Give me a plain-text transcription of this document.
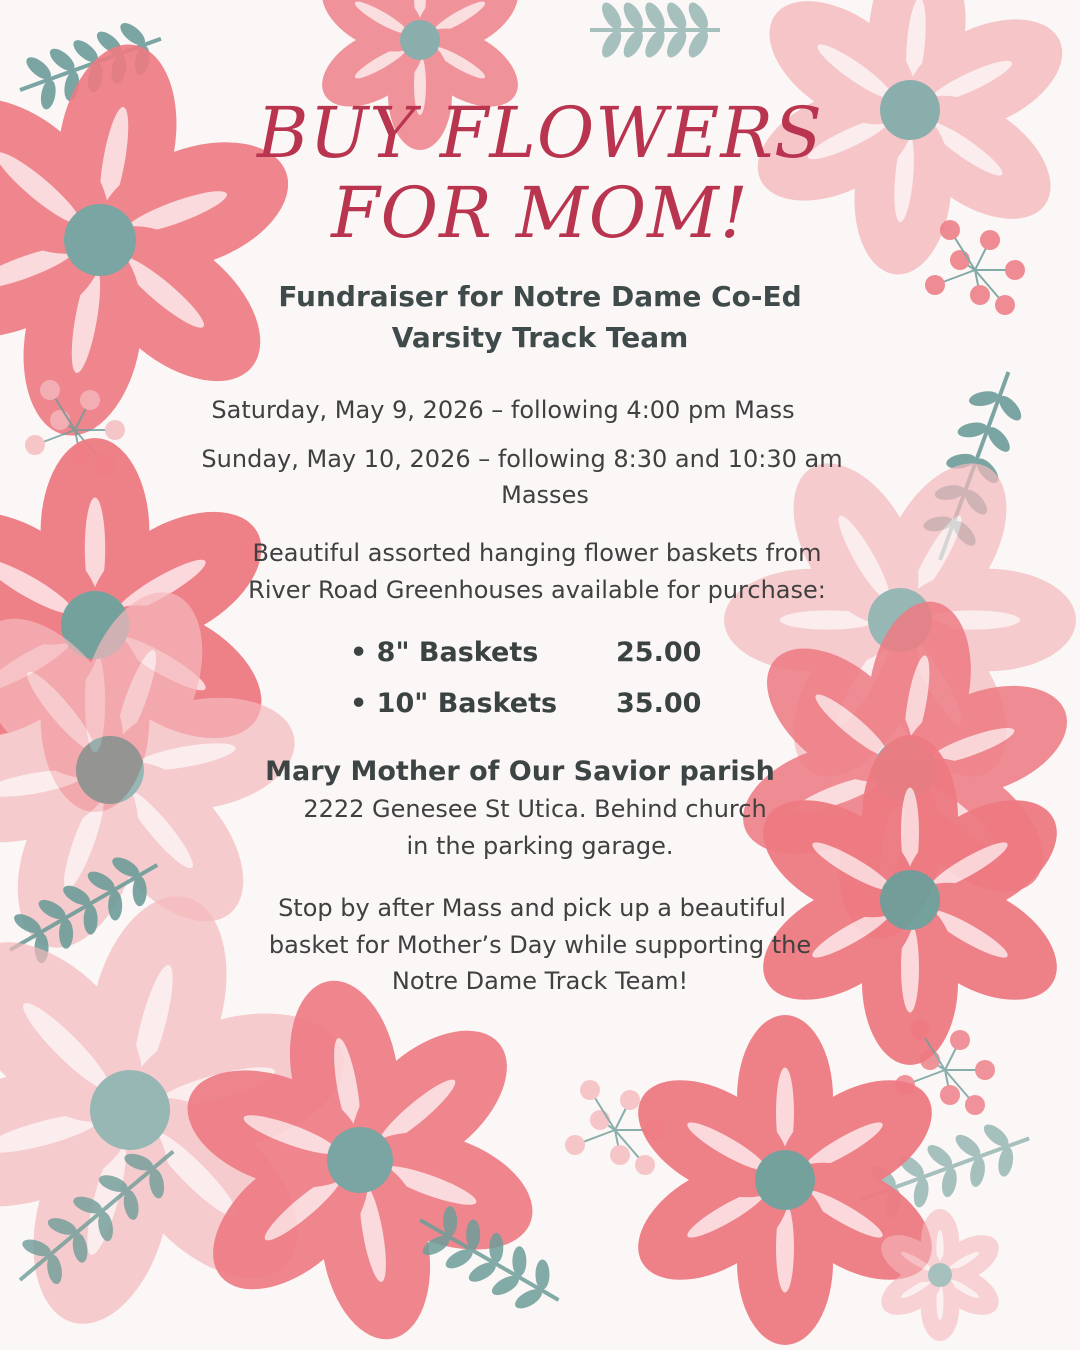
BUY FLOWERS
FOR MOM!
Fundraiser for Notre Dame Co-Ed
Varsity Track Team
Saturday, May 9, 2026 – following 4:00 pm Mass
Sunday, May 10, 2026 – following 8:30 and 10:30 am
Masses
Beautiful assorted hanging flower baskets from
River Road Greenhouses available for purchase:
• 8" Baskets	25.00
• 10" Baskets 35.00
Mary Mother of Our Savior parish
2222 Genesee St Utica. Behind church
in the parking garage.
Stop by after Mass and pick up a beautiful
basket for Mother’s Day while supporting the
Notre Dame Track Team!
